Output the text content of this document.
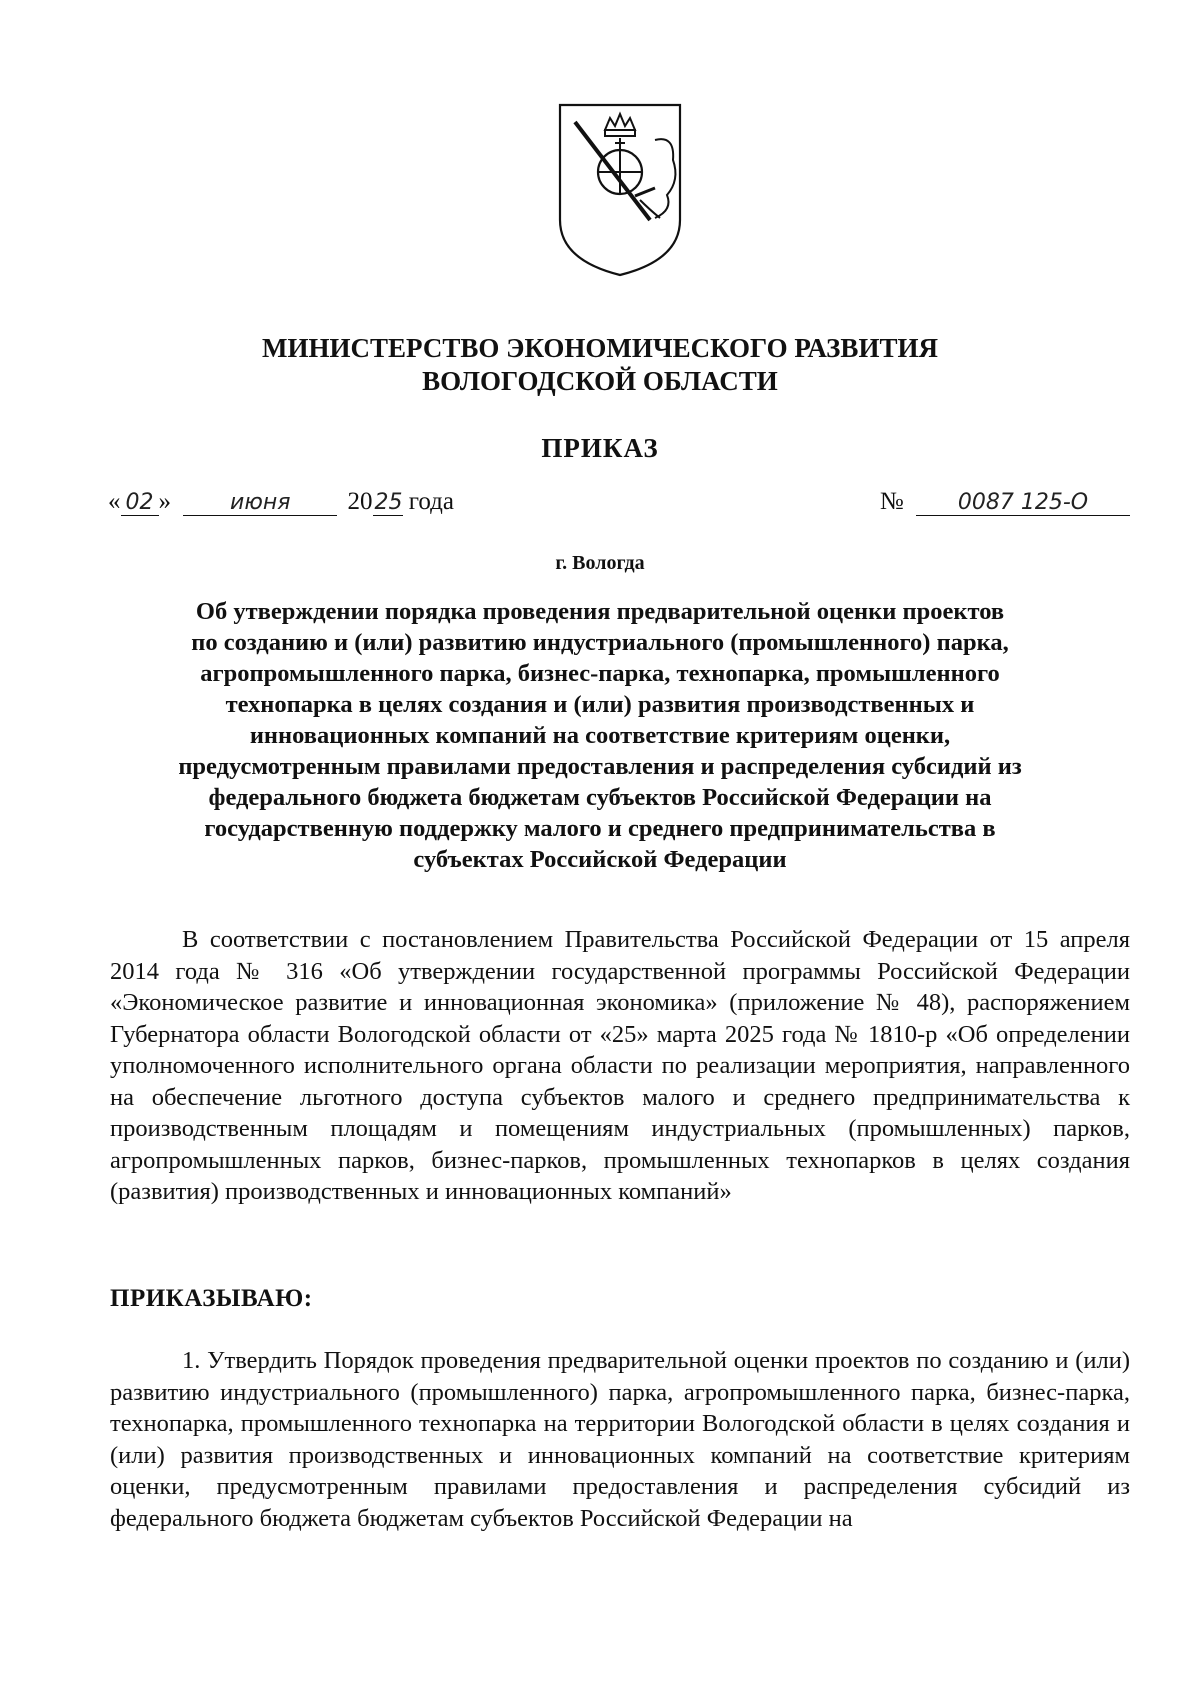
МИНИСТЕРСТВО ЭКОНОМИЧЕСКОГО РАЗВИТИЯ
ВОЛОГОДСКОЙ ОБЛАСТИ
ПРИКАЗ
« 02 »	июня 2025 года	№ 0087 125-О
г. Вологда
Об утверждении порядка проведения предварительной оценки проектов
по созданию и (или) развитию индустриального (промышленного) парка,
агропромышленного парка, бизнес-парка, технопарка, промышленного
технопарка в целях создания и (или) развития производственных и
инновационных компаний на соответствие критериям оценки,
предусмотренным правилами предоставления и распределения субсидий из
федерального бюджета бюджетам субъектов Российской Федерации на
государственную поддержку малого и среднего предпринимательства в
субъектах Российской Федерации
В соответствии с постановлением Правительства Российской Федерации от 15 апреля 2014 года № 316 «Об утверждении государственной программы Российской Федерации «Экономическое развитие и инновационная экономика» (приложение № 48), распоряжением Губернатора области Вологодской области от «25» марта 2025 года № 1810-р «Об определении уполномоченного исполнительного органа области по реализации мероприятия, направленного на обеспечение льготного доступа субъектов малого и среднего предпринимательства к производственным площадям и помещениям индустриальных (промышленных) парков, агропромышленных парков, бизнес-парков, промышленных технопарков в целях создания (развития) производственных и инновационных компаний»
ПРИКАЗЫВАЮ:
1. Утвердить Порядок проведения предварительной оценки проектов по созданию и (или) развитию индустриального (промышленного) парка, агропромышленного парка, бизнес-парка, технопарка, промышленного технопарка на территории Вологодской области в целях создания и (или) развития производственных и инновационных компаний на соответствие критериям оценки, предусмотренным правилами предоставления и распределения субсидий из федерального бюджета бюджетам субъектов Российской Федерации на
